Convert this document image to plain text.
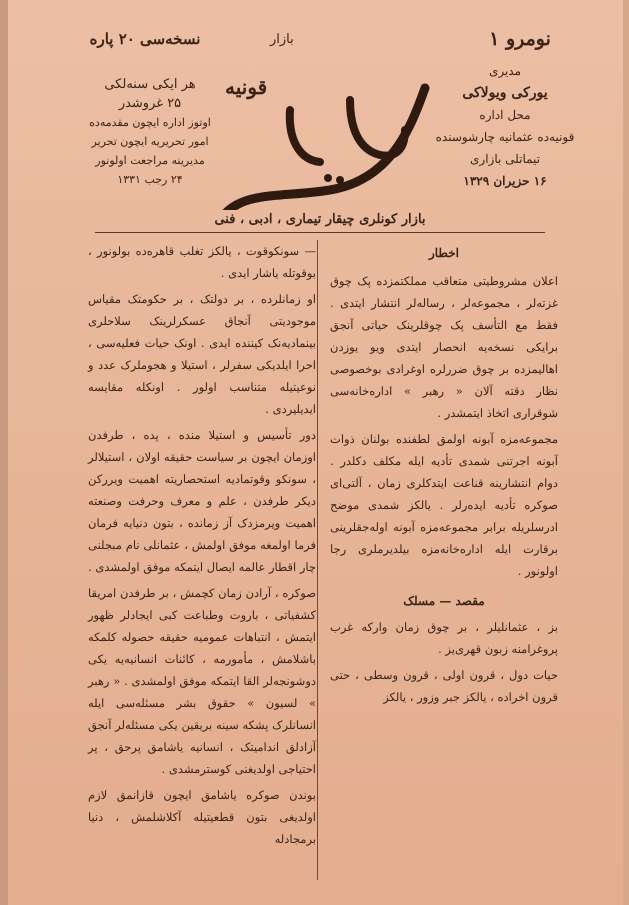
نومرو ۱
بازار
نسخه‌سی ۲۰ پاره
مدیری
یورکی ویولاکی
محل اداره
قونیه‌ده عثمانیه چارشوسنده
تیماتلی بازاری
۱۶ حزیران ۱۳۲۹
هر ایکی سنه‌لکی
۲۵ غروشدر
اوتوز اداره ایچون مقدمه‌ده
امور تحریریه ایچون تحریر
مدیرینه مراجعت اولونور
۲۴ رجب ۱۳۳۱
قونیه
بازار کونلری چیقار تیماری ، ادبی ، فنی
اخطار

اعلان مشروطیتی متعاقب مملکتمزده پک چوق غزته‌لر ، مجموعه‌لر ، رساله‌لر انتشار ایتدی . فقط مع التأسف پک چوقلرینک حیاتی آنجق برایکی نسخه‌یه انحصار ایتدی ویو یوزدن اهالیمزده بر چوق ضررلره اوغرادی بوخصوصی نظار دقته آلان « رهبر » اداره‌خانه‌سی شوقراری اتخاذ ایتمشدر .

مجموعه‌مزه آبونه اولمق لطفنده بولنان ذوات آبونه اجرتنی شمدی تأدیه ایله مکلف دکلدر . دوام انتشارینه قناعت ایتدکلری زمان ، آلتی‌ای صوکره تأدیه ایده‌رلر . یالکز شمدی موضح ادرسلریله برابر مجموعه‌مزه آبونه اوله‌جقلرینی برقارت ایله اداره‌خانه‌مزه بیلدیرملری رجا اولونور .

مقصد — مسلک

بز ، عثمانلیلر ، بر چوق زمان وارکه غرب پروغرامنه زبون قهری‌یز .

حیات دول ، قرون اولی ، قرون وسطی ، حتی قرون اخراده ، یالکز جبر وزور ، یالکز

— سونکوقوت ، یالکز تغلب قاهره‌ده بولونور ، بوقوتله یاشار ایدی .

او زمانلرده ، بر دولتک ، بر حکومتک مقیاس موجودیتی آنجاق عسکرلرینک سلاحلری بینمادیه‌نک کیننده ایدی . اونک حیات فعلیه‌سی ، احرا ایلدیکی سفرلر ، استیلا و هجوملرک عدد و نوعیتیله متناسب اولور . اونکله مقایسه ایدیلیردی .

دور تأسیس و استیلا منده ، پده ، طرفدن اوزمان ایچون بر سیاست حقیقه اولان ، استیلالر ، سونکو وقوتمادیه استحصاریته اهمیت ویررکن دیکر طرفدن ، علم و معرف وحرفت وصنعته اهمیت ویرمزدک آز زمانده ، بتون دنیایه فرمان فرما اولمغه موفق اولمش ، عثمانلی نام مبجلنی چار اقطار عالمه ایصال ایتمکه موفق اولمشدی .

صوکره ، آرادن زمان کچمش ، بر طرفدن امریقا کشفیاتی ، باروت وطباعت کبی ایجادلر ظهور ایتمش ، انتباهات عمومیه حقیقه حصوله کلمکه باشلامش ، مأمورمه ، کائنات انسانیه‌یه یکی دوشونجه‌لر القا ایتمکه موفق اولمشدی . « رهبر » لسیون » حقوق بشر مسئله‌سی ایله انسانلرک پشکه سینه بریقین یکی مسئله‌لر آنجق آزادلق اندامیتک ، انسانیه یاشامق پرحق ، پر احتیاجی اولدیغنی کوسترمشدی .

بوندن صوکره یاشامق ایچون قازانمق لازم اولدیغی بتون قطعیتیله آکلاشلمش ، دنیا برمجادله
